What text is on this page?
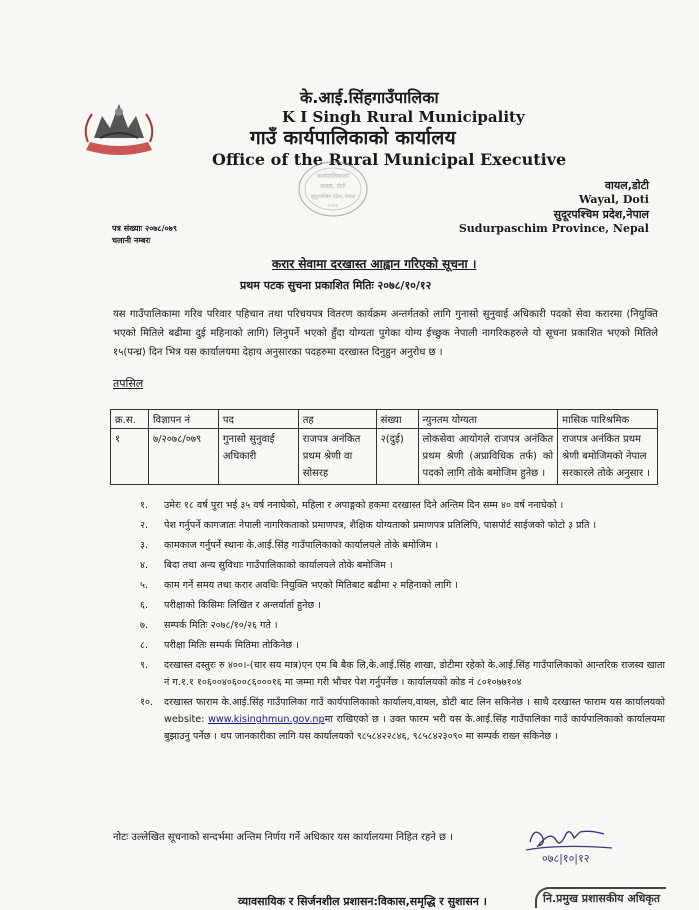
के.आई.सिंहगाउँपालिका
K I Singh Rural Municipality
गाउँ कार्यपालिकाको कार्यालय
Office of the Rural Municipal Executive
कार्यपालिकाको
वायल, डोटी
सुदूरपश्चिम प्रदेश, नेपाल
२०७३
वायल,डोटी
Wayal, Doti
सुदूरपश्चिम प्रदेश,नेपाल
Sudurpaschim Province, Nepal
पत्र संख्याः २०७८/०७९
चलानी नम्बरः
करार सेवामा दरखास्त आह्वान गरिएको सूचना ।
प्रथम पटक सुचना प्रकाशित मितिः २०७८/१०/१२
यस गाउँपालिकामा गरिव परिवार पहिचान तथा परिचयपत्र वितरण कार्यक्रम अन्तर्गतको लागि गुनासो सुनुवाई अधिकारी पदको सेवा करारमा (नियुक्ति भएको मितिले बढीमा दुई महिनाको लागि) लिनुपर्ने भएको हुँदा योग्यता पुगेका योग्य ईच्छुक नेपाली नागरिकहरुले यो सूचना प्रकाशित भएको मितिले १५(पन्ध्र) दिन भित्र यस कार्यालयमा देहाय अनुसारका पदहरुमा दरखास्त दिनुहुन अनुरोध छ ।
तपसिल
क्र.स.	विज्ञापन नं	पद	तह	संख्या	न्युनतम योग्यता	मासिक पारिश्रमिक
१	७/२०७८/०७९	गुनासो सुनुवाई अधिकारी	राजपत्र अनंकित प्रथम श्रेणी वा सोसरह	२(दुई)	लोकसेवा आयोगले राजपत्र अनंकित प्रथम श्रेणी (अप्राविधिक तर्फ) को पदको लागि तोके बमोजिम हुनेछ ।	राजपत्र अनंकित प्रथम श्रेणी बमोजिमको नेपाल सरकारले तोके अनुसार ।
१.	उमेरः १८ वर्ष पुरा भई ३५ वर्ष ननाघेको, महिला र अपाङ्गको हकमा दरखास्त दिने अन्तिम दिन सम्म ४० वर्ष ननाघेको ।
२.	पेश गर्नुपर्ने कागजातः नेपाली नागरिकताको प्रमाणपत्र, शैक्षिक योग्यताको प्रमाणपत्र प्रतिलिपि, पासपोर्ट साईजको फोटो ३ प्रति ।
३.	कामकाज गर्नुपर्ने स्थानः के.आई.सिंह गाउँपालिकाको कार्यालयले तोके बमोजिम ।
४.	बिदा तथा अन्य सुविधाः गाउँपालिकाको कार्यालयले तोके बमोजिम ।
५.	काम गर्ने समय तथा करार अवधिः नियुक्ति भएको मितिबाट बढीमा २ महिनाको लागि ।
६.	परीक्षाको किसिमः लिखित र अन्तर्वार्ता हुनेछ ।
७.	सम्पर्क मितिः २०७८/१०/२६ गते ।
८.	परीक्षा मितिः सम्पर्क मितिमा तोकिनेछ ।
९.	दरखास्त दस्तुरः रु ४००।-(चार सय मात्र)एन एम बि बैक लि,के.आई.सिंह शाखा, डोटीमा रहेको के.आई.सिंह गाउँपालिकाको आन्तरिक राजस्व खाता नं ग.१.१ १०६००४०६००८६०००१६ मा जम्मा गरी भौचर पेश गर्नुपर्नेछ । कार्यालयको कोड नं ८०१०७७१०४
१०.	दरखास्त फाराम के.आई.सिंह गाउँपालिका गाउँ कार्यपालिकाको कार्यालय,वायल, डोटी बाट लिन सकिनेछ । साथै दरखास्त फाराम यस कार्यालयको website: www.kisinghmun.gov.npमा राखिएको छ । उक्त फारम भरी यस के.आई.सिंह गाउँपालिका गाउँ कार्यपालिकाको कार्यालयमा बुझाउनु पर्नेछ । थप जानकारीका लागि यस कार्यालयको ९८५८४२२८४६, ९८५८४२३०९० मा सम्पर्क राख्न सकिनेछ ।
नोटः उल्लेखित सूचनाको सन्दर्भमा अन्तिम निर्णय गर्ने अधिकार यस कार्यालयमा निहित रहने छ ।
०७८|१०|१२
व्यावसायिक र सिर्जनशील प्रशासन:विकास,समृद्धि र सुशासन ।	नि.प्रमुख प्रशासकीय अधिकृत
